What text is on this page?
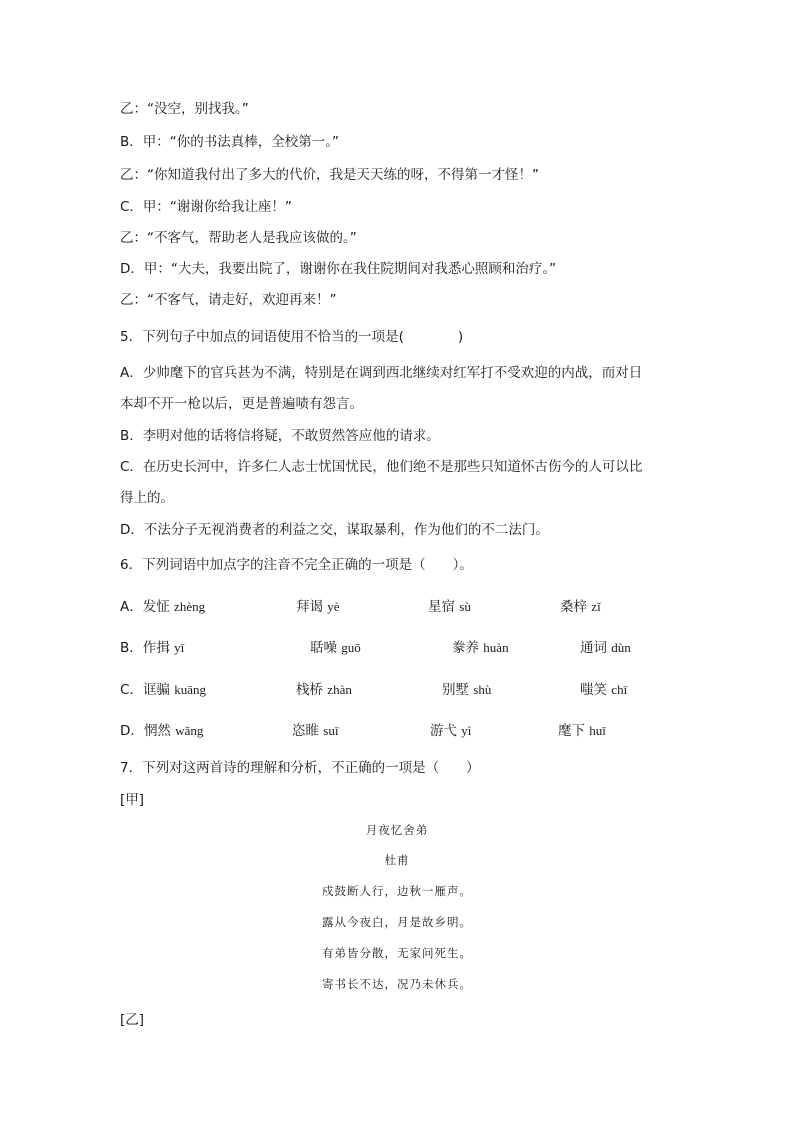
乙：“没空，别找我。”
B．甲：“你的书法真棒，全校第一。”
乙：“你知道我付出了多大的代价，我是天天练的呀，不得第一才怪！”
C．甲：“谢谢你给我让座！”
乙：“不客气，帮助老人是我应该做的。”
D．甲：“大夫，我要出院了，谢谢你在我住院期间对我悉心照顾和治疗。”
乙：“不客气，请走好，欢迎再来！”
5．下列句子中加点的词语使用不恰当的一项是(　　　　)
A．少帅麾下的官兵甚为不满，特别是在调到西北继续对红军打不受欢迎的内战，而对日
本却不开一枪以后，更是普遍啧有怨言。
B．李明对他的话将信将疑，不敢贸然答应他的请求。
C．在历史长河中，许多仁人志士忧国忧民，他们绝不是那些只知道怀古伤今的人可以比
得上的。
D．不法分子无视消费者的利益之交，谋取暴利，作为他们的不二法门。
6．下列词语中加点字的注音不完全正确的一项是（　　）。
A．发怔 zhèng	拜谒 yè	星宿 sù	桑梓 zǐ
B．作揖 yī	聒噪 guō	豢养 huàn	通词 dùn
C．诓骗 kuāng	栈桥 zhàn	别墅 shù	嗤笑 chī
D．惘然 wǎng	恣睢 suī	游弋 yì	麾下 huī
7．下列对这两首诗的理解和分析，不正确的一项是（　　）
[甲]
月夜忆舍弟
杜甫
戍鼓断人行，边秋一雁声。
露从今夜白，月是故乡明。
有弟皆分散，无家问死生。
寄书长不达，况乃未休兵。
[乙]
